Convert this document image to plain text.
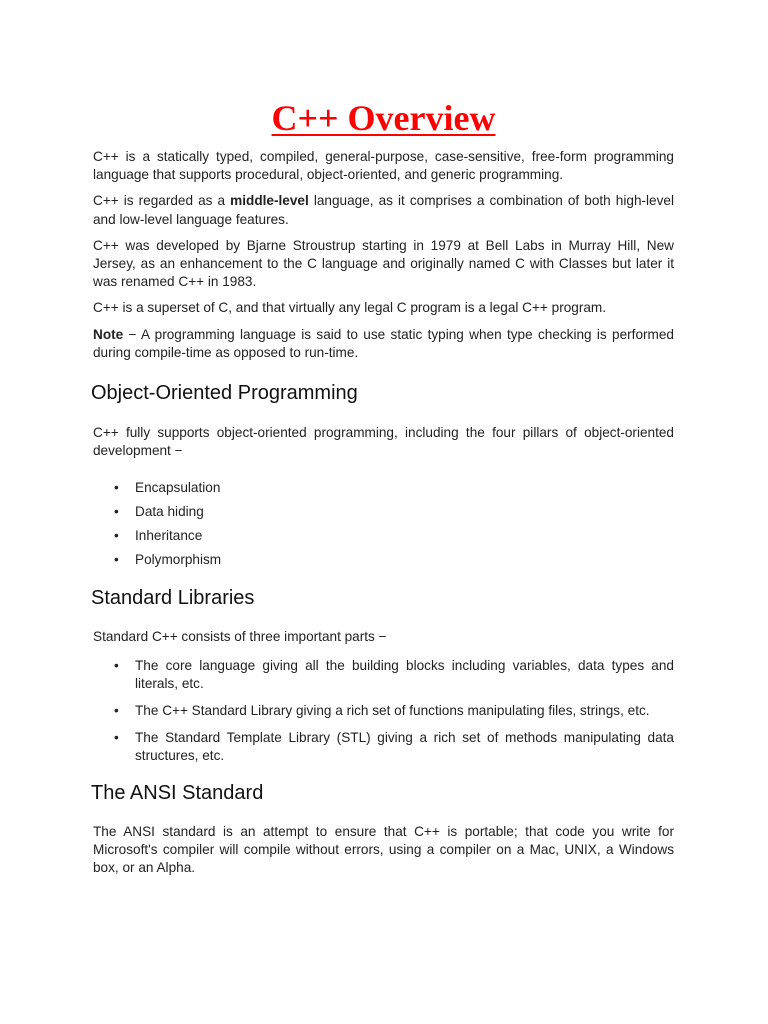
C++ Overview

C++ is a statically typed, compiled, general-purpose, case-sensitive, free-form programming language that supports procedural, object-oriented, and generic programming.

C++ is regarded as a middle-level language, as it comprises a combination of both high-level and low-level language features.

C++ was developed by Bjarne Stroustrup starting in 1979 at Bell Labs in Murray Hill, New Jersey, as an enhancement to the C language and originally named C with Classes but later it was renamed C++ in 1983.

C++ is a superset of C, and that virtually any legal C program is a legal C++ program.

Note − A programming language is said to use static typing when type checking is performed during compile-time as opposed to run-time.

Object-Oriented Programming

C++ fully supports object-oriented programming, including the four pillars of object-oriented development −

• Encapsulation
• Data hiding
• Inheritance
• Polymorphism
Standard Libraries

Standard C++ consists of three important parts −

• The core language giving all the building blocks including variables, data types and literals, etc.
• The C++ Standard Library giving a rich set of functions manipulating files, strings, etc.
• The Standard Template Library (STL) giving a rich set of methods manipulating data structures, etc.
The ANSI Standard

The ANSI standard is an attempt to ensure that C++ is portable; that code you write for Microsoft's compiler will compile without errors, using a compiler on a Mac, UNIX, a Windows box, or an Alpha.
